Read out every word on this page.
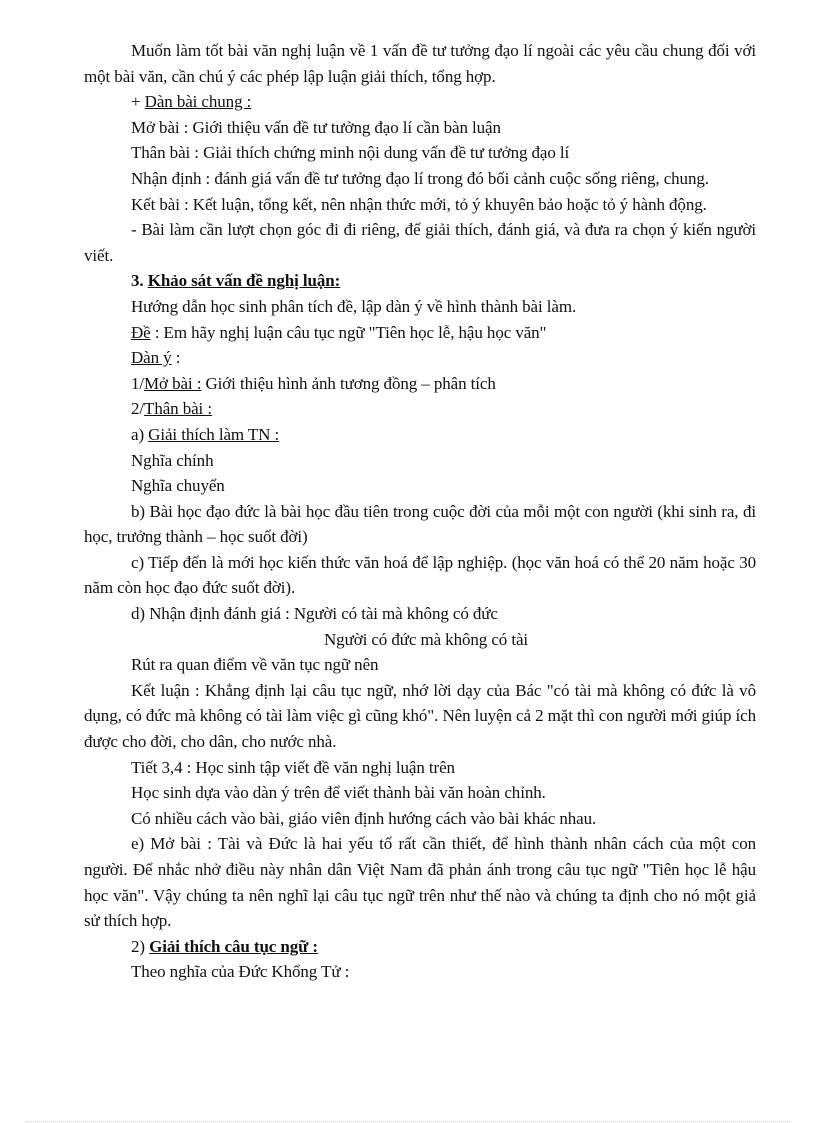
Muốn làm tốt bài văn nghị luận về 1 vấn đề tư tưởng đạo lí ngoài các yêu cầu chung đối với một bài văn, cần chú ý các phép lập luận giải thích, tổng hợp.

+ Dàn bài chung :

Mở bài : Giới thiệu vấn đề tư tưởng đạo lí cần bàn luận

Thân bài : Giải thích chứng minh nội dung vấn đề tư tưởng đạo lí

Nhận định : đánh giá vấn đề tư tưởng đạo lí trong đó bối cảnh cuộc sống riêng, chung.

Kết bài : Kết luận, tổng kết, nên nhận thức mới, tỏ ý khuyên bảo hoặc tỏ ý hành động.

- Bài làm cần lượt chọn góc đi đi riêng, để giải thích, đánh giá, và đưa ra chọn ý kiến người viết.

3. Khảo sát vấn đề nghị luận:

Hướng dẫn học sinh phân tích đề, lập dàn ý về hình thành bài làm.

Đề : Em hãy nghị luận câu tục ngữ "Tiên học lễ, hậu học văn"

Dàn ý :

1/Mở bài : Giới thiệu hình ảnh tương đồng – phân tích

2/Thân bài :

a) Giải thích làm TN :

Nghĩa chính

Nghĩa chuyển

b) Bài học đạo đức là bài học đầu tiên trong cuộc đời của mỗi một con người (khi sinh ra, đi học, trưởng thành – học suốt đời)

c) Tiếp đến là mới học kiến thức văn hoá để lập nghiệp. (học văn hoá có thể 20 năm hoặc 30 năm còn học đạo đức suốt đời).

d) Nhận định đánh giá : Người có tài mà không có đức

Người có đức mà không có tài

Rút ra quan điểm về văn tục ngữ nên

Kết luận : Khẳng định lại câu tục ngữ, nhớ lời dạy của Bác "có tài mà không có đức là vô dụng, có đức mà không có tài làm việc gì cũng khó". Nên luyện cả 2 mặt thì con người mới giúp ích được cho đời, cho dân, cho nước nhà.

Tiết 3,4 : Học sinh tập viết đề văn nghị luận trên

Học sinh dựa vào dàn ý trên để viết thành bài văn hoàn chỉnh.

Có nhiều cách vào bài, giáo viên định hướng cách vào bài khác nhau.

e) Mở bài : Tài và Đức là hai yếu tố rất cần thiết, để hình thành nhân cách của một con người. Để nhắc nhở điều này nhân dân Việt Nam đã phản ánh trong câu tục ngữ "Tiên học lễ hậu học văn". Vậy chúng ta nên nghĩ lại câu tục ngữ trên như thế nào và chúng ta định cho nó một giả sử thích hợp.

2) Giải thích câu tục ngữ :

Theo nghĩa của Đức Khổng Tử :
